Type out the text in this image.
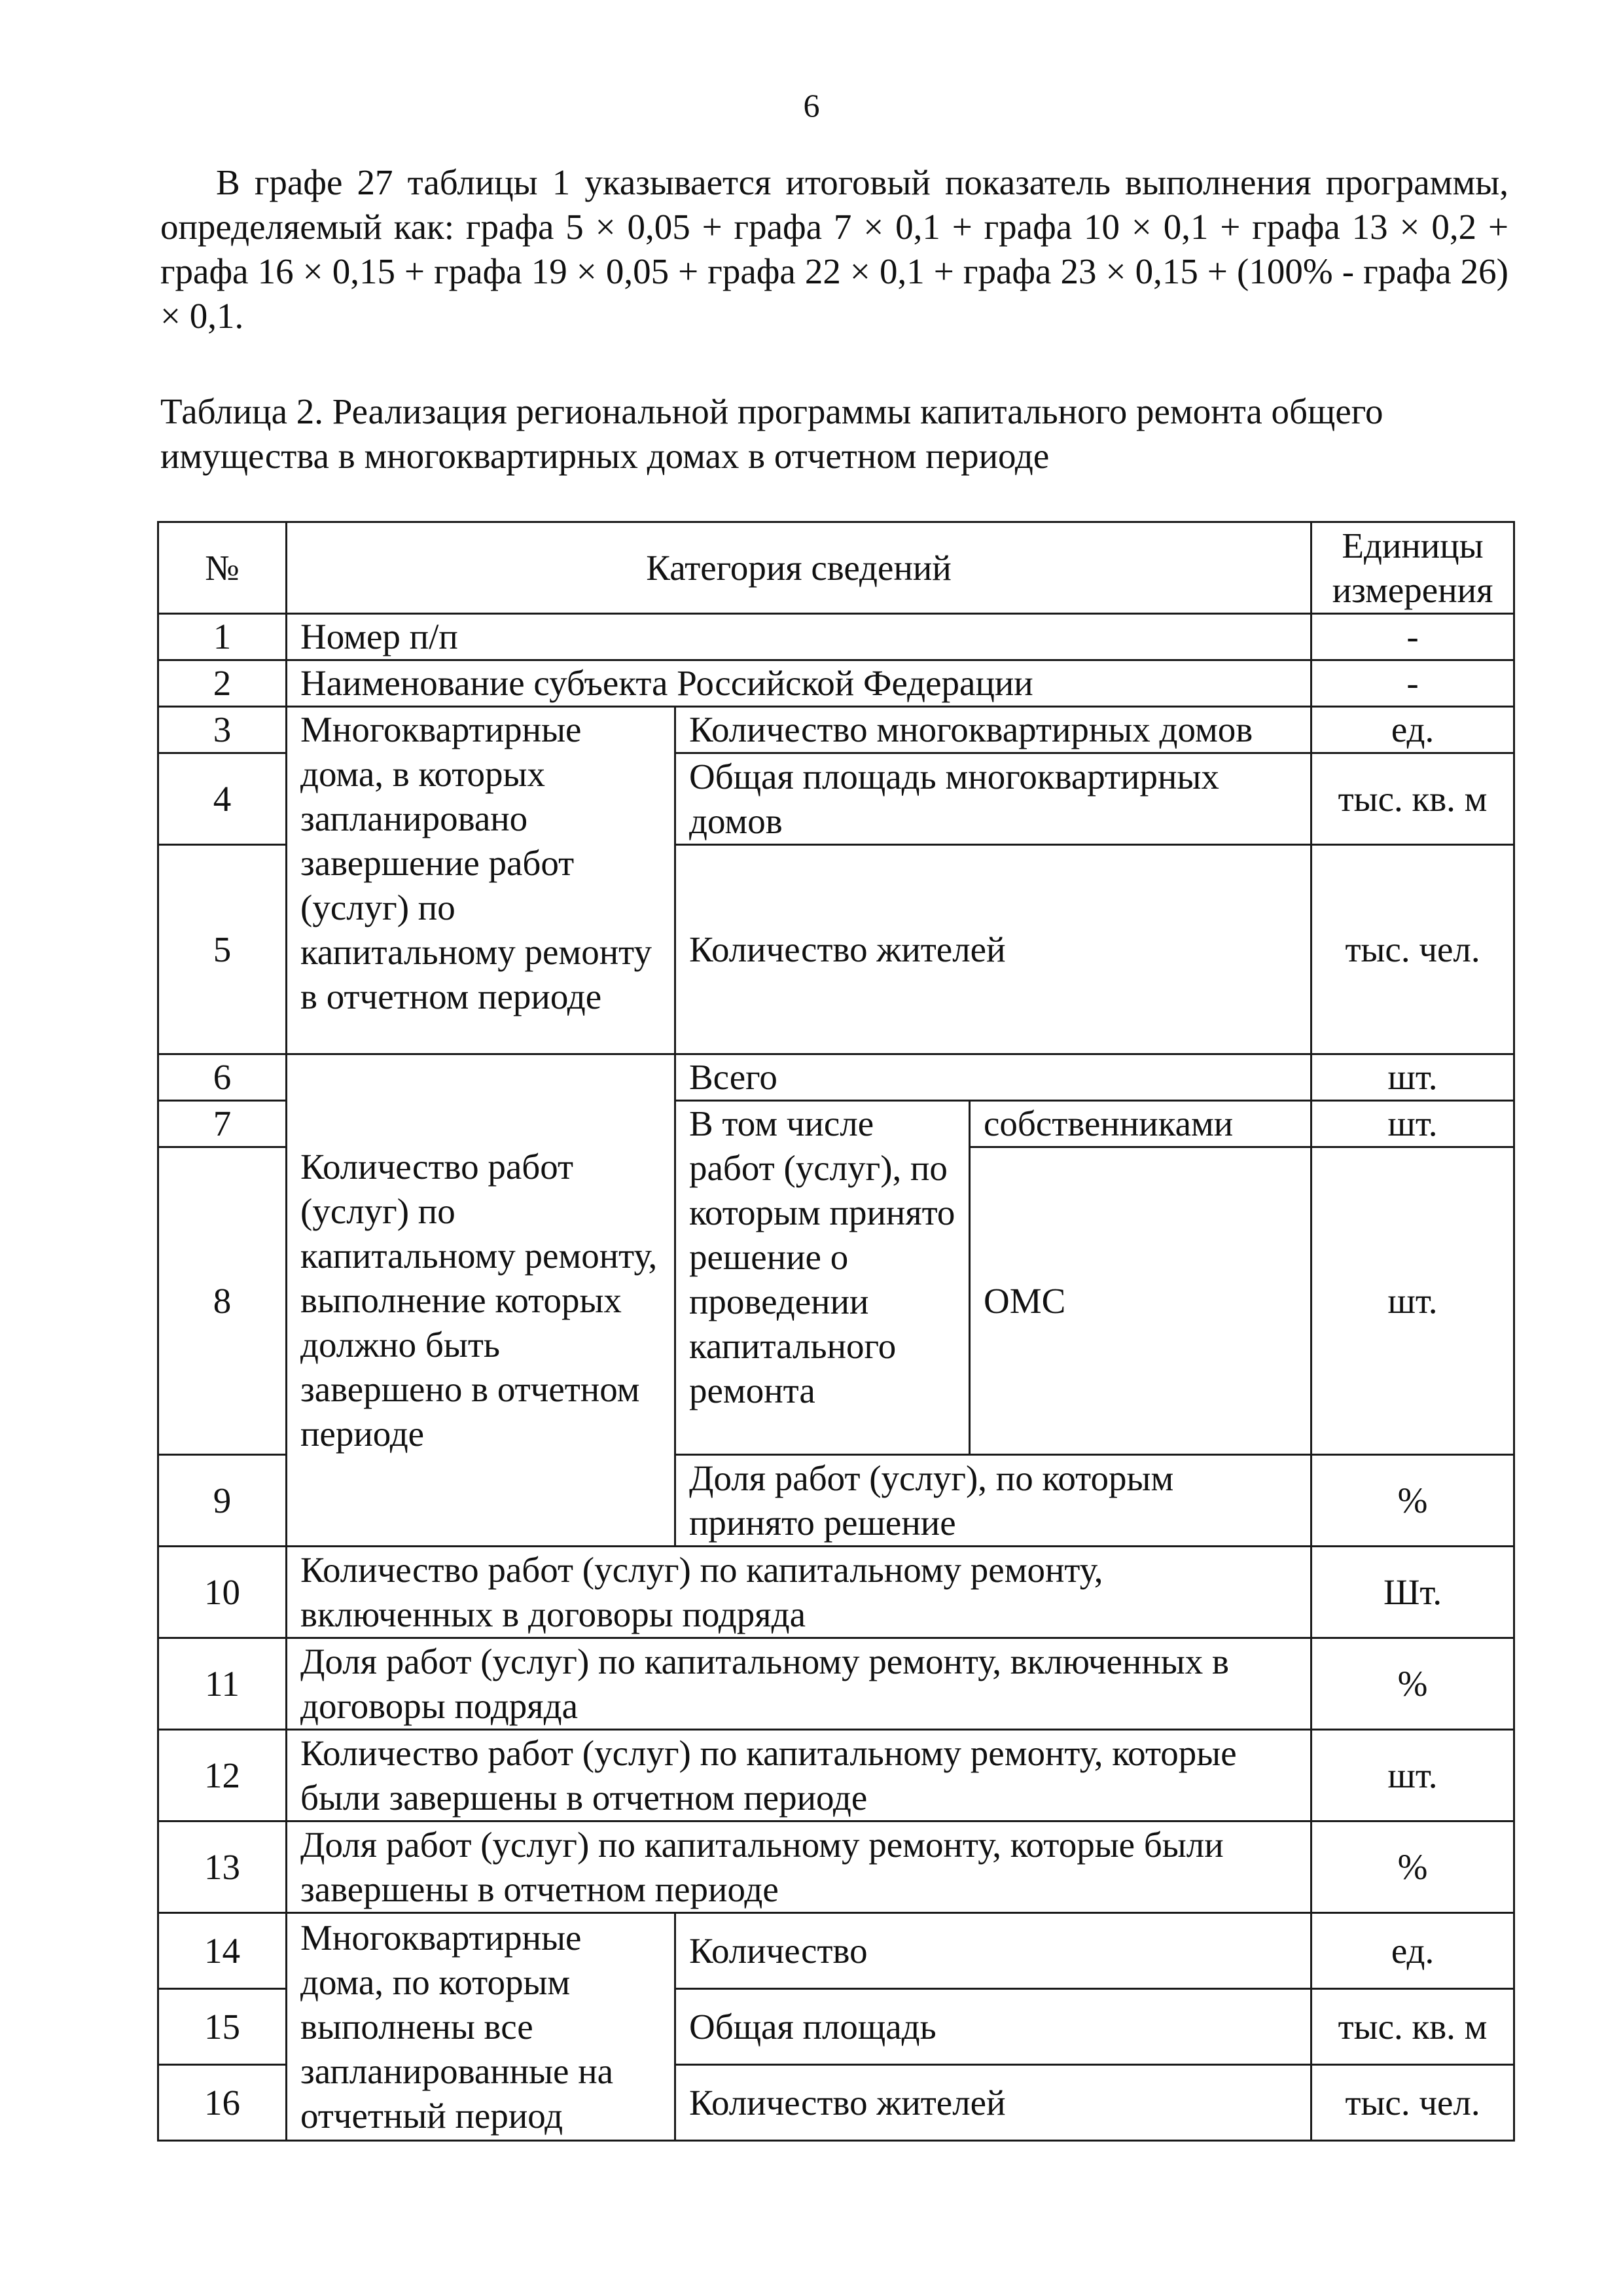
6
В графе 27 таблицы 1 указывается итоговый показатель выполнения программы, определяемый как: графа 5 × 0,05 + графа 7 × 0,1 + графа 10 × 0,1 + графа 13 × 0,2 + графа 16 × 0,15 + графа 19 × 0,05 + графа 22 × 0,1 + графа 23 × 0,15 + (100% - графа 26) × 0,1.
Таблица 2. Реализация региональной программы капитального ремонта общего имущества в многоквартирных домах в отчетном периоде
№	Категория сведений			Единицы измерения
1	Номер п/п			-
2	Наименование субъекта Российской Федерации			-
3	Многоквартирные дома, в которых запланировано завершение работ (услуг) по капитальному ремонту в отчетном периоде	Количество многоквартирных домов		ед.
4		Общая площадь многоквартирных домов		тыс. кв. м
5		Количество жителей		тыс. чел.
6	Количество работ (услуг) по капитальному ремонту, выполнение которых должно быть завершено в отчетном периоде	Всего		шт.
7		В том числе работ (услуг), по которым принято решение о проведении капитального ремонта	собственниками	шт.
8			ОМС	шт.
9		Доля работ (услуг), по которым принято решение		%
10	Количество работ (услуг) по капитальному ремонту, включенных в договоры подряда			Шт.
11	Доля работ (услуг) по капитальному ремонту, включенных в договоры подряда			%
12	Количество работ (услуг) по капитальному ремонту, которые были завершены в отчетном периоде			шт.
13	Доля работ (услуг) по капитальному ремонту, которые были завершены в отчетном периоде			%
14	Многоквартирные дома, по которым выполнены все запланированные на отчетный период	Количество		ед.
15		Общая площадь		тыс. кв. м
16		Количество жителей		тыс. чел.
